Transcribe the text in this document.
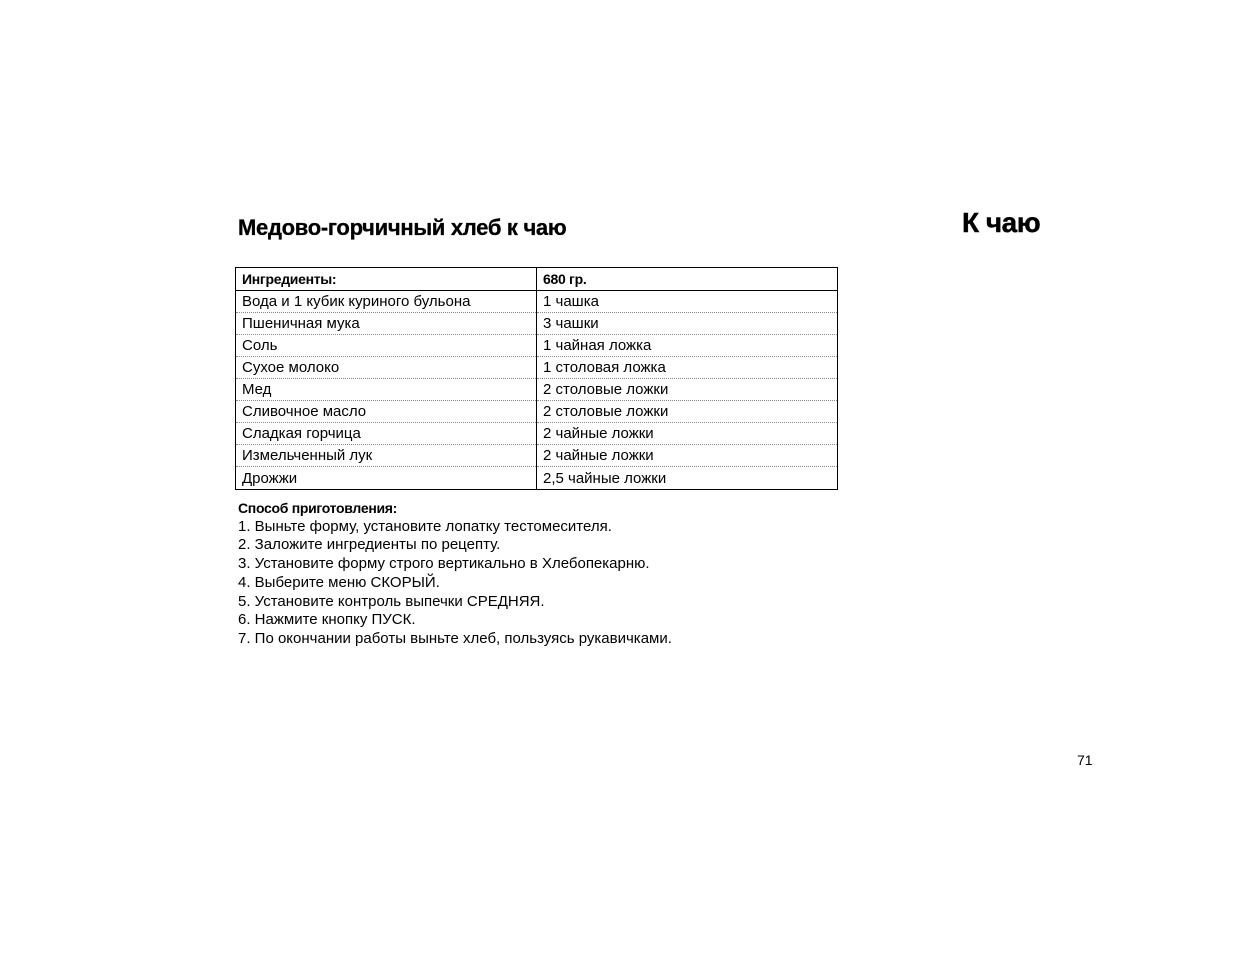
Медово-горчичный хлеб к чаю	К чаю
Ингредиенты:	680 гр.
Вода и 1 кубик куриного бульона	1 чашка
Пшеничная мука	3 чашки
Соль	1 чайная ложка
Сухое молоко	1 столовая ложка
Мед	2 столовые ложки
Сливочное масло	2 столовые ложки
Сладкая горчица	2 чайные ложки
Измельченный лук	2 чайные ложки
Дрожжи	2,5 чайные ложки
Способ приготовления:
1. Выньте форму, установите лопатку тестомесителя.
2. Заложите ингредиенты по рецепту.
3. Установите форму строго вертикально в Хлебопекарню.
4. Выберите меню СКОРЫЙ.
5. Установите контроль выпечки СРЕДНЯЯ.
6. Нажмите кнопку ПУСК.
7. По окончании работы выньте хлеб, пользуясь рукавичками.
71
